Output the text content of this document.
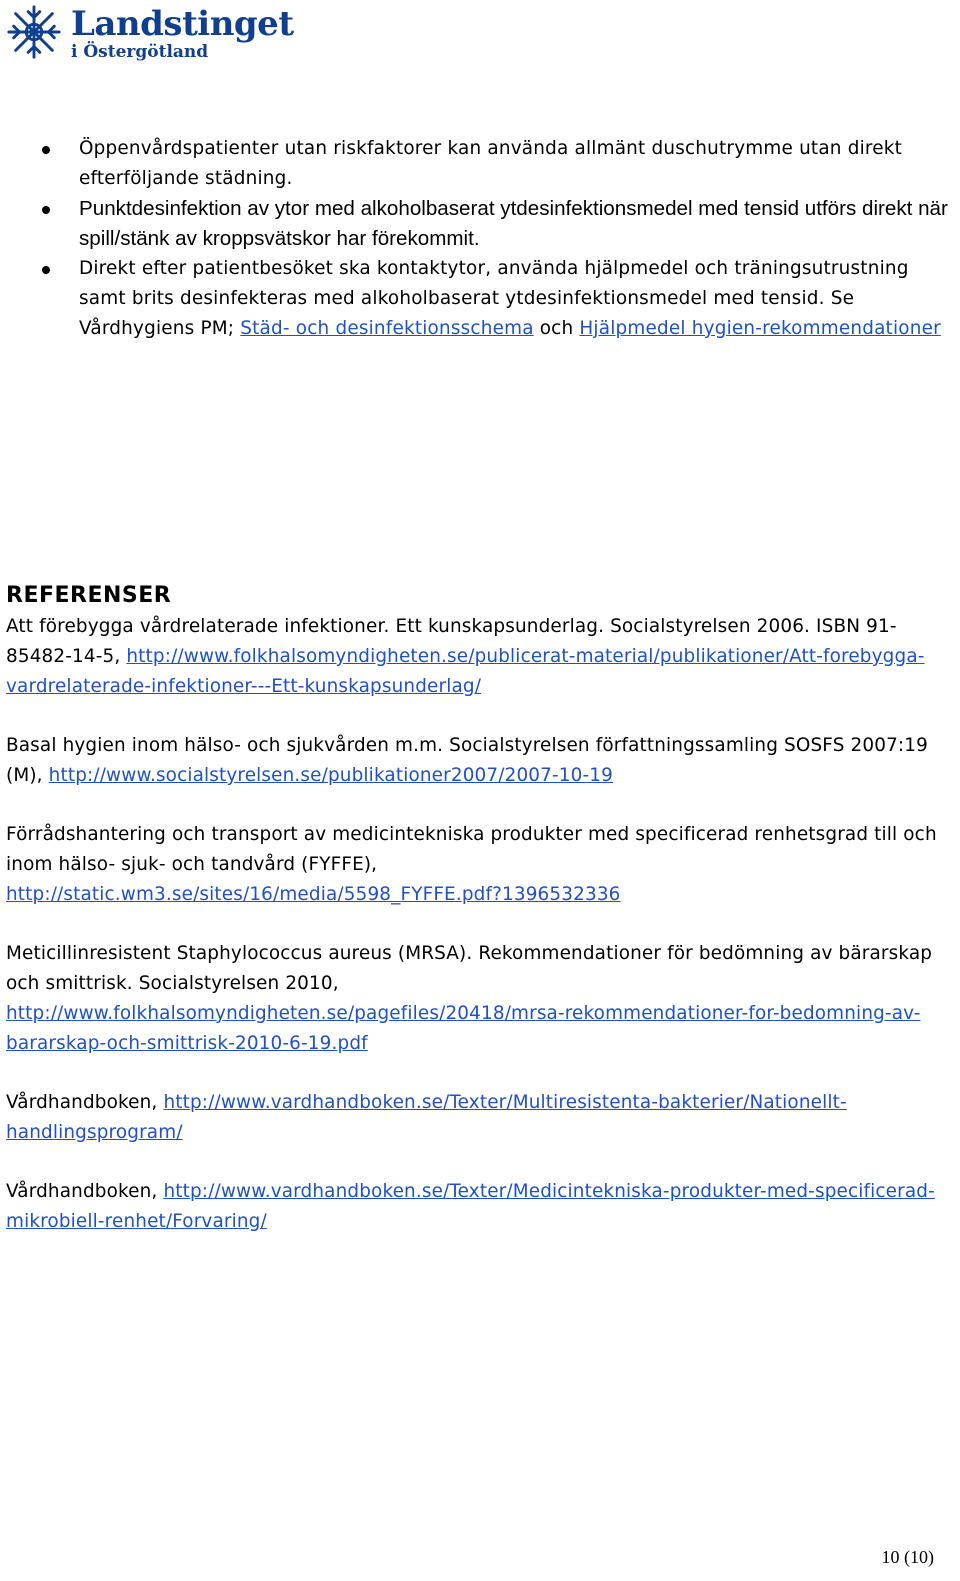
Landstinget
i Östergötland
Öppenvårdspatienter utan riskfaktorer kan använda allmänt duschutrymme utan direkt efterföljande städning.
Punktdesinfektion av ytor med alkoholbaserat ytdesinfektionsmedel med tensid utförs direkt när spill/stänk av kroppsvätskor har förekommit.
Direkt efter patientbesöket ska kontaktytor, använda hjälpmedel och träningsutrustning samt brits desinfekteras med alkoholbaserat ytdesinfektionsmedel med tensid. Se Vårdhygiens PM; Städ- och desinfektionsschema och Hjälpmedel hygien-rekommendationer
REFERENSER

Att förebygga vårdrelaterade infektioner. Ett kunskapsunderlag. Socialstyrelsen 2006. ISBN 91-85482-14-5, http://www.folkhalsomyndigheten.se/publicerat-material/publikationer/Att-forebygga-vardrelaterade-infektioner---Ett-kunskapsunderlag/

Basal hygien inom hälso- och sjukvården m.m. Socialstyrelsen författningssamling SOSFS 2007:19 (M), http://www.socialstyrelsen.se/publikationer2007/2007-10-19

Förrådshantering och transport av medicintekniska produkter med specificerad renhetsgrad till och inom hälso- sjuk- och tandvård (FYFFE),
http://static.wm3.se/sites/16/media/5598_FYFFE.pdf?1396532336

Meticillinresistent Staphylococcus aureus (MRSA). Rekommendationer för bedömning av bärarskap och smittrisk. Socialstyrelsen 2010,
http://www.folkhalsomyndigheten.se/pagefiles/20418/mrsa-rekommendationer-for-bedomning-av-bararskap-och-smittrisk-2010-6-19.pdf

Vårdhandboken, http://www.vardhandboken.se/Texter/Multiresistenta-bakterier/Nationellt-handlingsprogram/

Vårdhandboken, http://www.vardhandboken.se/Texter/Medicintekniska-produkter-med-specificerad-mikrobiell-renhet/Forvaring/

10 (10)
